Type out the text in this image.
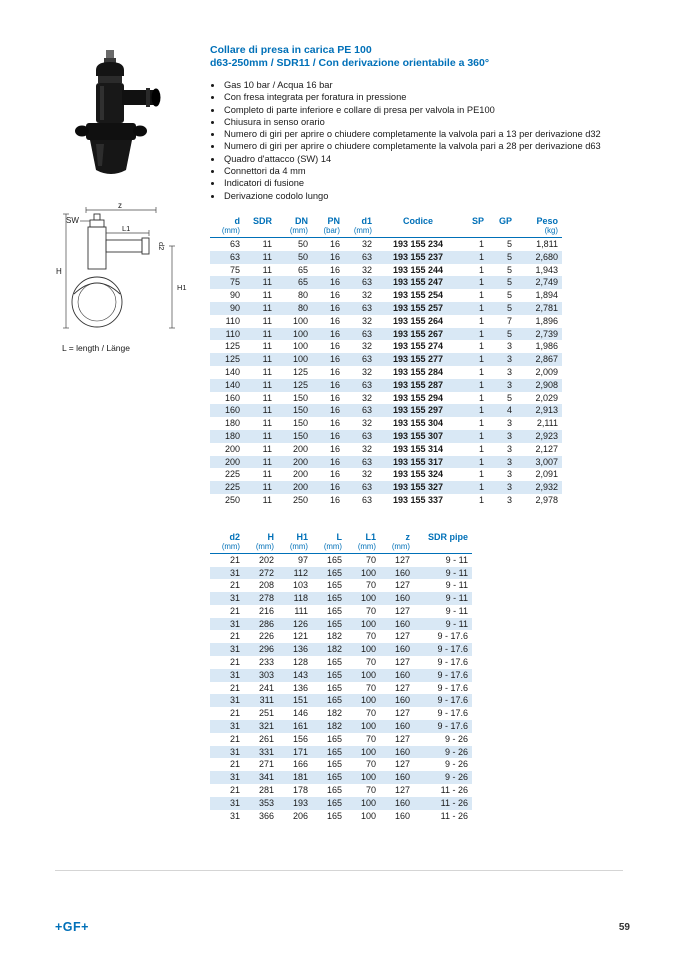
z
SW
L1
d2
H
H1
L = length / Länge

Collare di presa in carica PE 100

d63-250mm / SDR11 / Con derivazione orientabile a 360°

• Gas 10 bar / Acqua 16 bar
• Con fresa integrata per foratura in pressione
• Completo di parte inferiore e collare di presa per valvola in PE100
• Chiusura in senso orario
• Numero di giri per aprire o chiudere completamente la valvola pari a 13 per derivazione d32
• Numero di giri per aprire o chiudere completamente la valvola pari a 28 per derivazione d63
• Quadro d'attacco (SW) 14
• Connettori da 4 mm
• Indicatori di fusione
• Derivazione codolo lungo
d	SDR	DN	PN	d1	Codice	SP	GP	Peso
(mm)		(mm)	(bar)	(mm)				(kg)
63	11	50	16	32	193 155 234	1	5	1,811
63	11	50	16	63	193 155 237	1	5	2,680
75	11	65	16	32	193 155 244	1	5	1,943
75	11	65	16	63	193 155 247	1	5	2,749
90	11	80	16	32	193 155 254	1	5	1,894
90	11	80	16	63	193 155 257	1	5	2,781
110	11	100	16	32	193 155 264	1	7	1,896
110	11	100	16	63	193 155 267	1	5	2,739
125	11	100	16	32	193 155 274	1	3	1,986
125	11	100	16	63	193 155 277	1	3	2,867
140	11	125	16	32	193 155 284	1	3	2,009
140	11	125	16	63	193 155 287	1	3	2,908
160	11	150	16	32	193 155 294	1	5	2,029
160	11	150	16	63	193 155 297	1	4	2,913
180	11	150	16	32	193 155 304	1	3	2,111
180	11	150	16	63	193 155 307	1	3	2,923
200	11	200	16	32	193 155 314	1	3	2,127
200	11	200	16	63	193 155 317	1	3	3,007
225	11	200	16	32	193 155 324	1	3	2,091
225	11	200	16	63	193 155 327	1	3	2,932
250	11	250	16	63	193 155 337	1	3	2,978
d2	H	H1	L	L1	z	SDR pipe
(mm)	(mm)	(mm)	(mm)	(mm)	(mm)	
21	202	97	165	70	127	9 - 11
31	272	112	165	100	160	9 - 11
21	208	103	165	70	127	9 - 11
31	278	118	165	100	160	9 - 11
21	216	111	165	70	127	9 - 11
31	286	126	165	100	160	9 - 11
21	226	121	182	70	127	9 - 17.6
31	296	136	182	100	160	9 - 17.6
21	233	128	165	70	127	9 - 17.6
31	303	143	165	100	160	9 - 17.6
21	241	136	165	70	127	9 - 17.6
31	311	151	165	100	160	9 - 17.6
21	251	146	182	70	127	9 - 17.6
31	321	161	182	100	160	9 - 17.6
21	261	156	165	70	127	9 - 26
31	331	171	165	100	160	9 - 26
21	271	166	165	70	127	9 - 26
31	341	181	165	100	160	9 - 26
21	281	178	165	70	127	11 - 26
31	353	193	165	100	160	11 - 26
31	366	206	165	100	160	11 - 26
+GF+	59
